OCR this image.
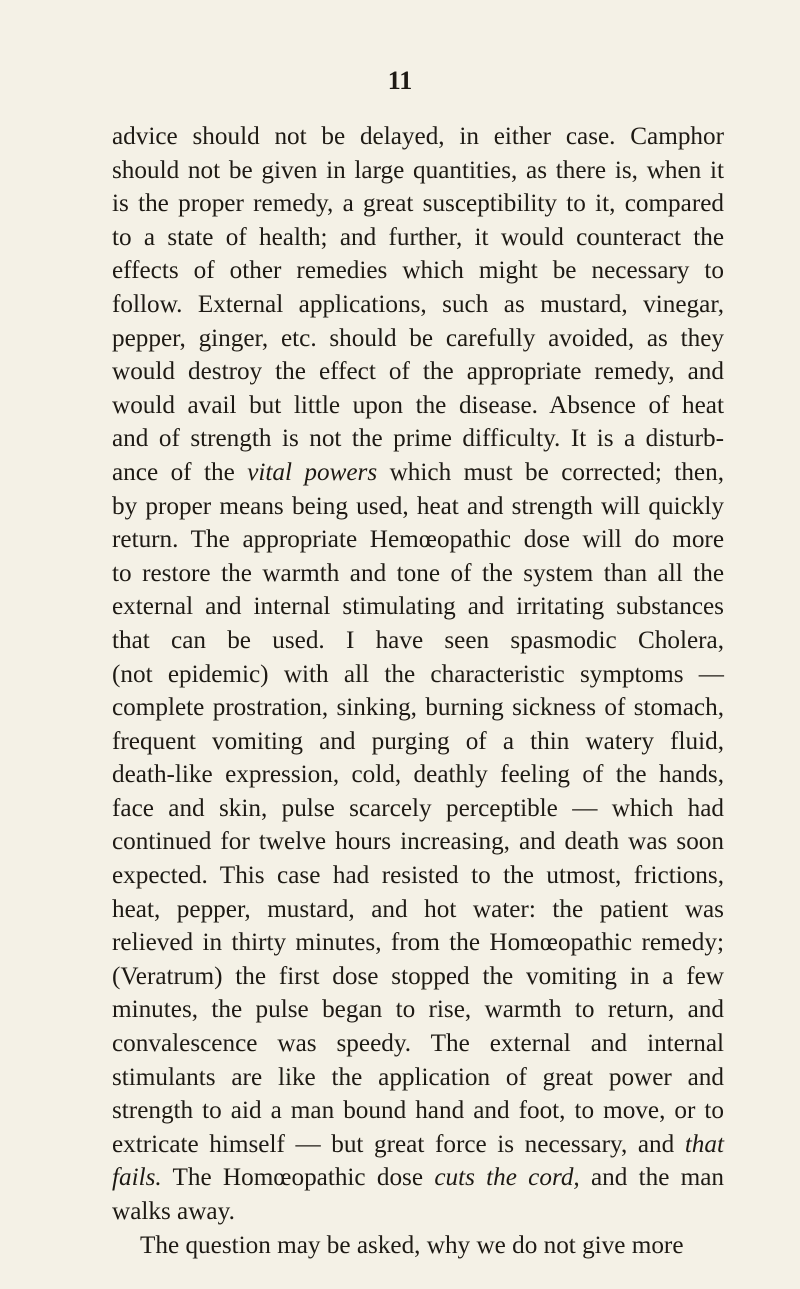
11
advice should not be delayed, in either case. Camphor
should not be given in large quantities, as there is, when it
is the proper remedy, a great susceptibility to it, compared
to a state of health; and further, it would counteract the
effects of other remedies which might be necessary to
follow. External applications, such as mustard, vinegar,
pepper, ginger, etc. should be carefully avoided, as they
would destroy the effect of the appropriate remedy, and
would avail but little upon the disease. Absence of heat
and of strength is not the prime difficulty. It is a disturb-
ance of the vital powers which must be corrected; then,
by proper means being used, heat and strength will quickly
return. The appropriate Hemœopathic dose will do more
to restore the warmth and tone of the system than all the
external and internal stimulating and irritating substances
that can be used. I have seen spasmodic Cholera,
(not epidemic) with all the characteristic symptoms —
complete prostration, sinking, burning sickness of stomach,
frequent vomiting and purging of a thin watery fluid,
death-like expression, cold, deathly feeling of the hands,
face and skin, pulse scarcely perceptible — which had
continued for twelve hours increasing, and death was soon
expected. This case had resisted to the utmost, frictions,
heat, pepper, mustard, and hot water: the patient was
relieved in thirty minutes, from the Homœopathic remedy;
(Veratrum) the first dose stopped the vomiting in a few
minutes, the pulse began to rise, warmth to return, and
convalescence was speedy. The external and internal
stimulants are like the application of great power and
strength to aid a man bound hand and foot, to move, or to
extricate himself — but great force is necessary, and that
fails. The Homœopathic dose cuts the cord, and the man
walks away.
The question may be asked, why we do not give more
